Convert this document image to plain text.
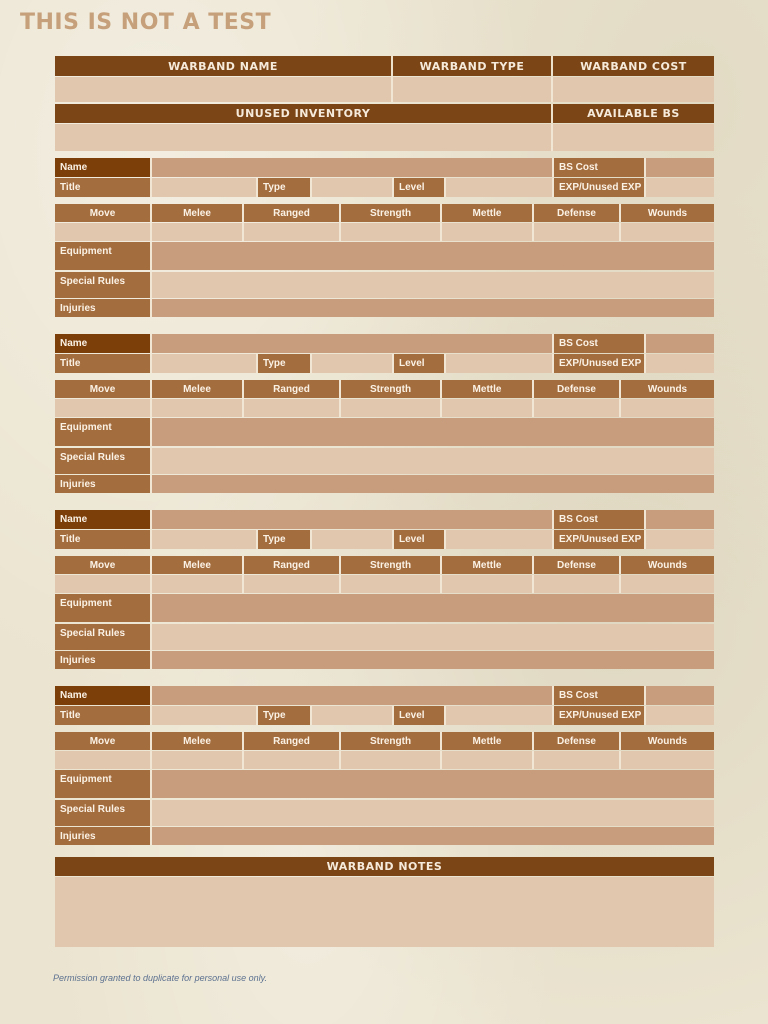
THIS IS NOT A TEST
WARBAND NAME	WARBAND TYPE	WARBAND COST
UNUSED INVENTORY	AVAILABLE BS
Name	BS Cost
Title	Type	Level	EXP/Unused EXP
Move	Melee	Ranged	Strength	Mettle	Defense	Wounds
Equipment
Special Rules
Injuries
Name	BS Cost
Title	Type	Level	EXP/Unused EXP
Move	Melee	Ranged	Strength	Mettle	Defense	Wounds
Equipment
Special Rules
Injuries
Name	BS Cost
Title	Type	Level	EXP/Unused EXP
Move	Melee	Ranged	Strength	Mettle	Defense	Wounds
Equipment
Special Rules
Injuries
Name	BS Cost
Title	Type	Level	EXP/Unused EXP
Move	Melee	Ranged	Strength	Mettle	Defense	Wounds
Equipment
Special Rules
Injuries
WARBAND NOTES
Permission granted to duplicate for personal use only.
